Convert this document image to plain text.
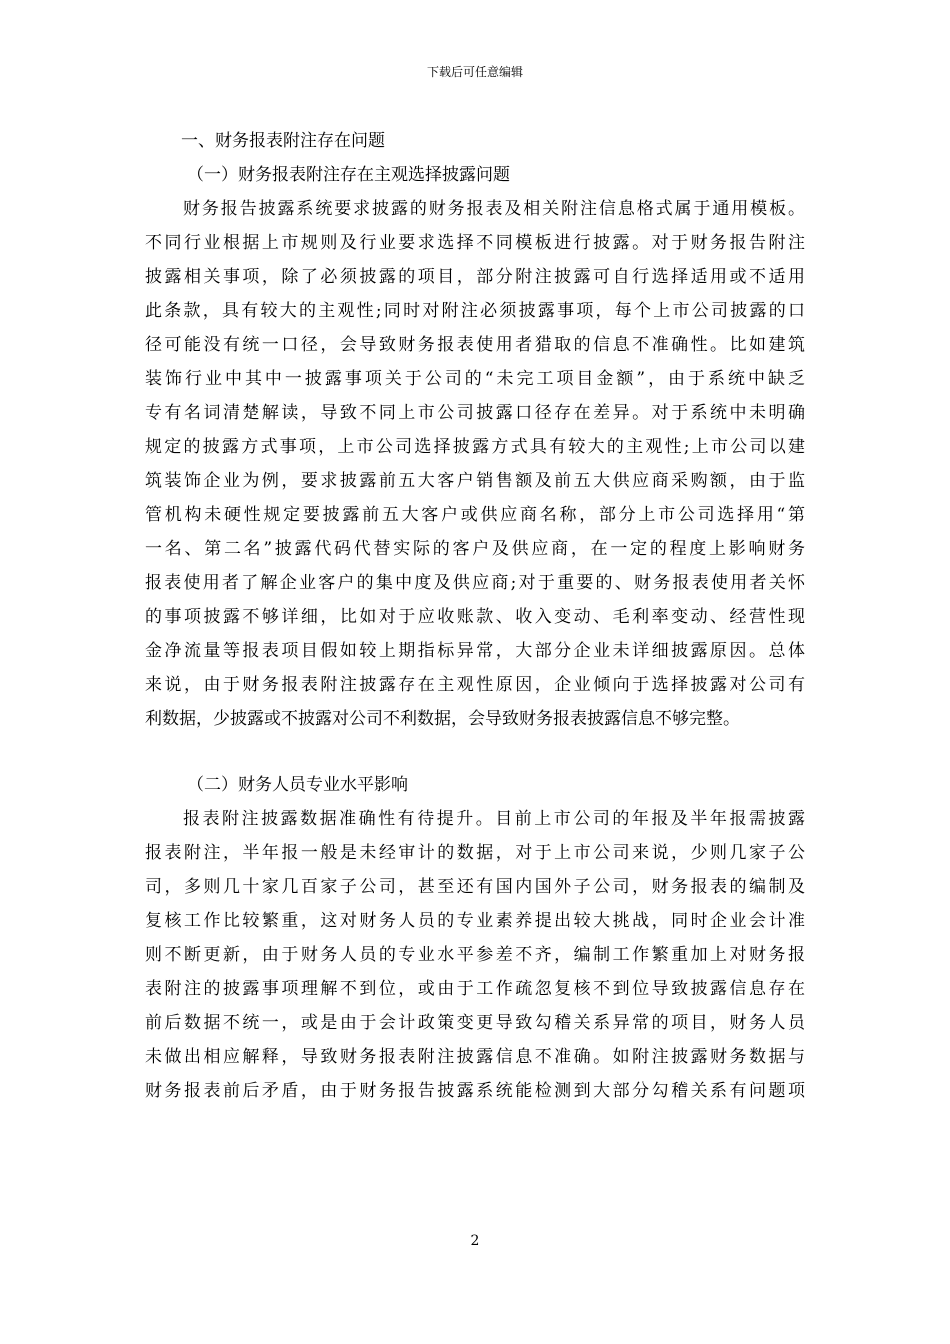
下载后可任意编辑
一、财务报表附注存在问题
（一）财务报表附注存在主观选择披露问题

财务报告披露系统要求披露的财务报表及相关附注信息格式属于通用模板。

不同行业根据上市规则及行业要求选择不同模板进行披露。对于财务报告附注

披露相关事项，除了必须披露的项目，部分附注披露可自行选择适用或不适用

此条款，具有较大的主观性;同时对附注必须披露事项，每个上市公司披露的口

径可能没有统一口径，会导致财务报表使用者猎取的信息不准确性。比如建筑

装饰行业中其中一披露事项关于公司的“未完工项目金额”，由于系统中缺乏

专有名词清楚解读，导致不同上市公司披露口径存在差异。对于系统中未明确

规定的披露方式事项，上市公司选择披露方式具有较大的主观性;上市公司以建

筑装饰企业为例，要求披露前五大客户销售额及前五大供应商采购额，由于监

管机构未硬性规定要披露前五大客户或供应商名称，部分上市公司选择用“第

一名、第二名”披露代码代替实际的客户及供应商，在一定的程度上影响财务

报表使用者了解企业客户的集中度及供应商;对于重要的、财务报表使用者关怀

的事项披露不够详细，比如对于应收账款、收入变动、毛利率变动、经营性现

金净流量等报表项目假如较上期指标异常，大部分企业未详细披露原因。总体

来说，由于财务报表附注披露存在主观性原因，企业倾向于选择披露对公司有

利数据，少披露或不披露对公司不利数据，会导致财务报表披露信息不够完整。

（二）财务人员专业水平影响

报表附注披露数据准确性有待提升。目前上市公司的年报及半年报需披露

报表附注，半年报一般是未经审计的数据，对于上市公司来说，少则几家子公

司，多则几十家几百家子公司，甚至还有国内国外子公司，财务报表的编制及

复核工作比较繁重，这对财务人员的专业素养提出较大挑战，同时企业会计准

则不断更新，由于财务人员的专业水平参差不齐，编制工作繁重加上对财务报

表附注的披露事项理解不到位，或由于工作疏忽复核不到位导致披露信息存在

前后数据不统一，或是由于会计政策变更导致勾稽关系异常的项目，财务人员

未做出相应解释，导致财务报表附注披露信息不准确。如附注披露财务数据与

财务报表前后矛盾，由于财务报告披露系统能检测到大部分勾稽关系有问题项

2
